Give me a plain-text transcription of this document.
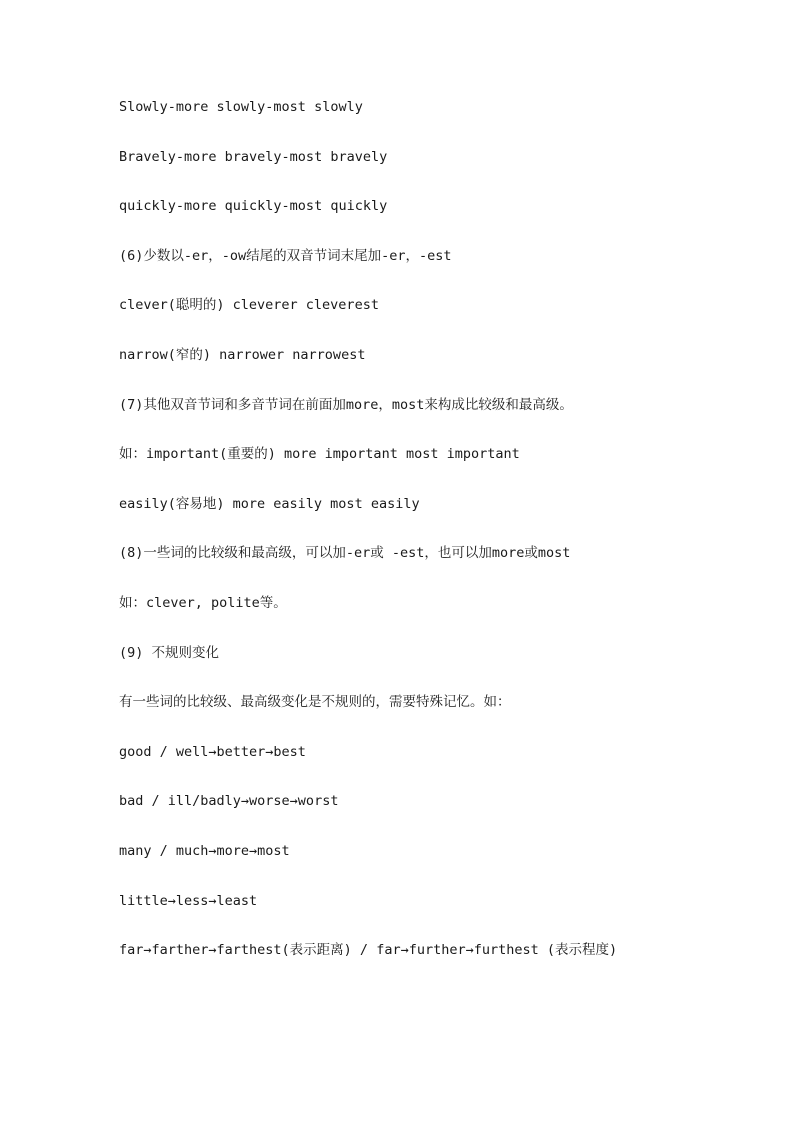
Slowly-more slowly-most slowly
Bravely-more bravely-most bravely
quickly-more quickly-most quickly
(6)少数以-er，-ow结尾的双音节词末尾加-er，-est
clever(聪明的) cleverer cleverest
narrow(窄的) narrower narrowest
(7)其他双音节词和多音节词在前面加more，most来构成比较级和最高级。
如：important(重要的) more important most important
easily(容易地) more easily most easily
(8)一些词的比较级和最高级，可以加-er或 -est，也可以加more或most
如：clever, polite等。
(9) 不规则变化
有一些词的比较级、最高级变化是不规则的，需要特殊记忆。如：
good / well→better→best
bad / ill/badly→worse→worst
many / much→more→most
little→less→least
far→farther→farthest(表示距离) / far→further→furthest (表示程度)
